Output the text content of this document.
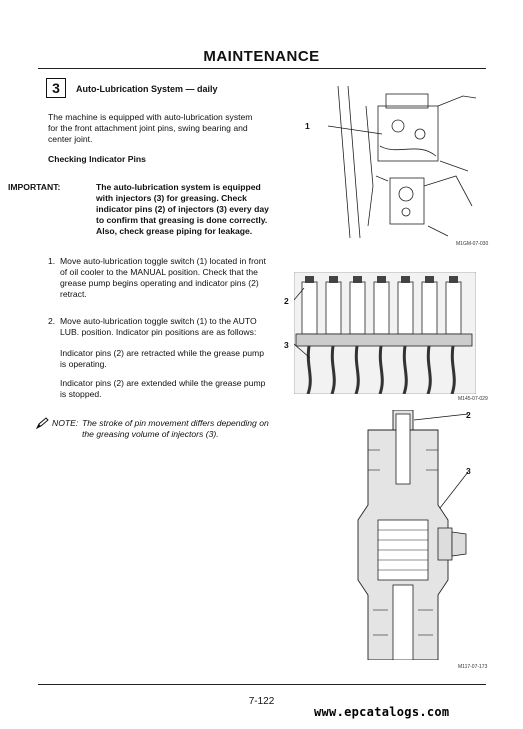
MAINTENANCE
3	Auto-Lubrication System — daily
The machine is equipped with auto-lubrication system for the front attachment joint pins, swing bearing and center joint.
Checking Indicator Pins
IMPORTANT:	The auto-lubrication system is equipped with injectors (3) for greasing. Check indicator pins (2) of injectors (3) every day to confirm that greasing is done correctly. Also, check grease piping for leakage.
1. Move auto-lubrication toggle switch (1) located in front of oil cooler to the MANUAL position. Check that the grease pump begins operating and indicator pins (2) retract.
2. Move auto-lubrication toggle switch (1) to the AUTO LUB. position. Indicator pin positions are as follows:
Indicator pins (2) are retracted while the grease pump is operating.
Indicator pins (2) are extended while the grease pump is stopped.
NOTE: The stroke of pin movement differs depending on the greasing volume of injectors (3).
1
M1GM-07-030
2
3
M145-07-029
2
3
M117-07-173
7-122
www.epcatalogs.com
